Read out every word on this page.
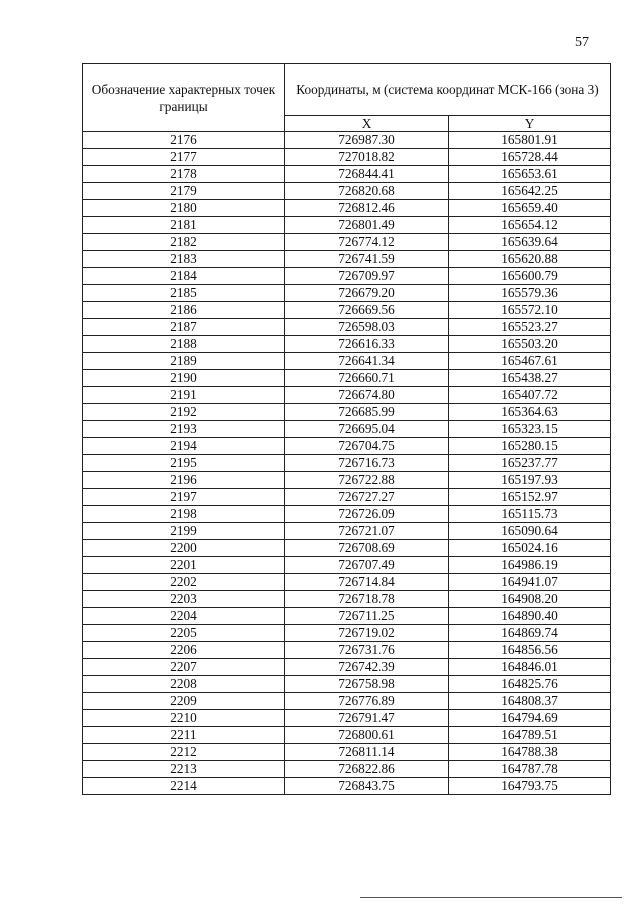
57
Обозначение характерных точек границы	Координаты, м (система координат МСК-166 (зона 3)	
	X	Y
2176	726987.30	165801.91
2177	727018.82	165728.44
2178	726844.41	165653.61
2179	726820.68	165642.25
2180	726812.46	165659.40
2181	726801.49	165654.12
2182	726774.12	165639.64
2183	726741.59	165620.88
2184	726709.97	165600.79
2185	726679.20	165579.36
2186	726669.56	165572.10
2187	726598.03	165523.27
2188	726616.33	165503.20
2189	726641.34	165467.61
2190	726660.71	165438.27
2191	726674.80	165407.72
2192	726685.99	165364.63
2193	726695.04	165323.15
2194	726704.75	165280.15
2195	726716.73	165237.77
2196	726722.88	165197.93
2197	726727.27	165152.97
2198	726726.09	165115.73
2199	726721.07	165090.64
2200	726708.69	165024.16
2201	726707.49	164986.19
2202	726714.84	164941.07
2203	726718.78	164908.20
2204	726711.25	164890.40
2205	726719.02	164869.74
2206	726731.76	164856.56
2207	726742.39	164846.01
2208	726758.98	164825.76
2209	726776.89	164808.37
2210	726791.47	164794.69
2211	726800.61	164789.51
2212	726811.14	164788.38
2213	726822.86	164787.78
2214	726843.75	164793.75
